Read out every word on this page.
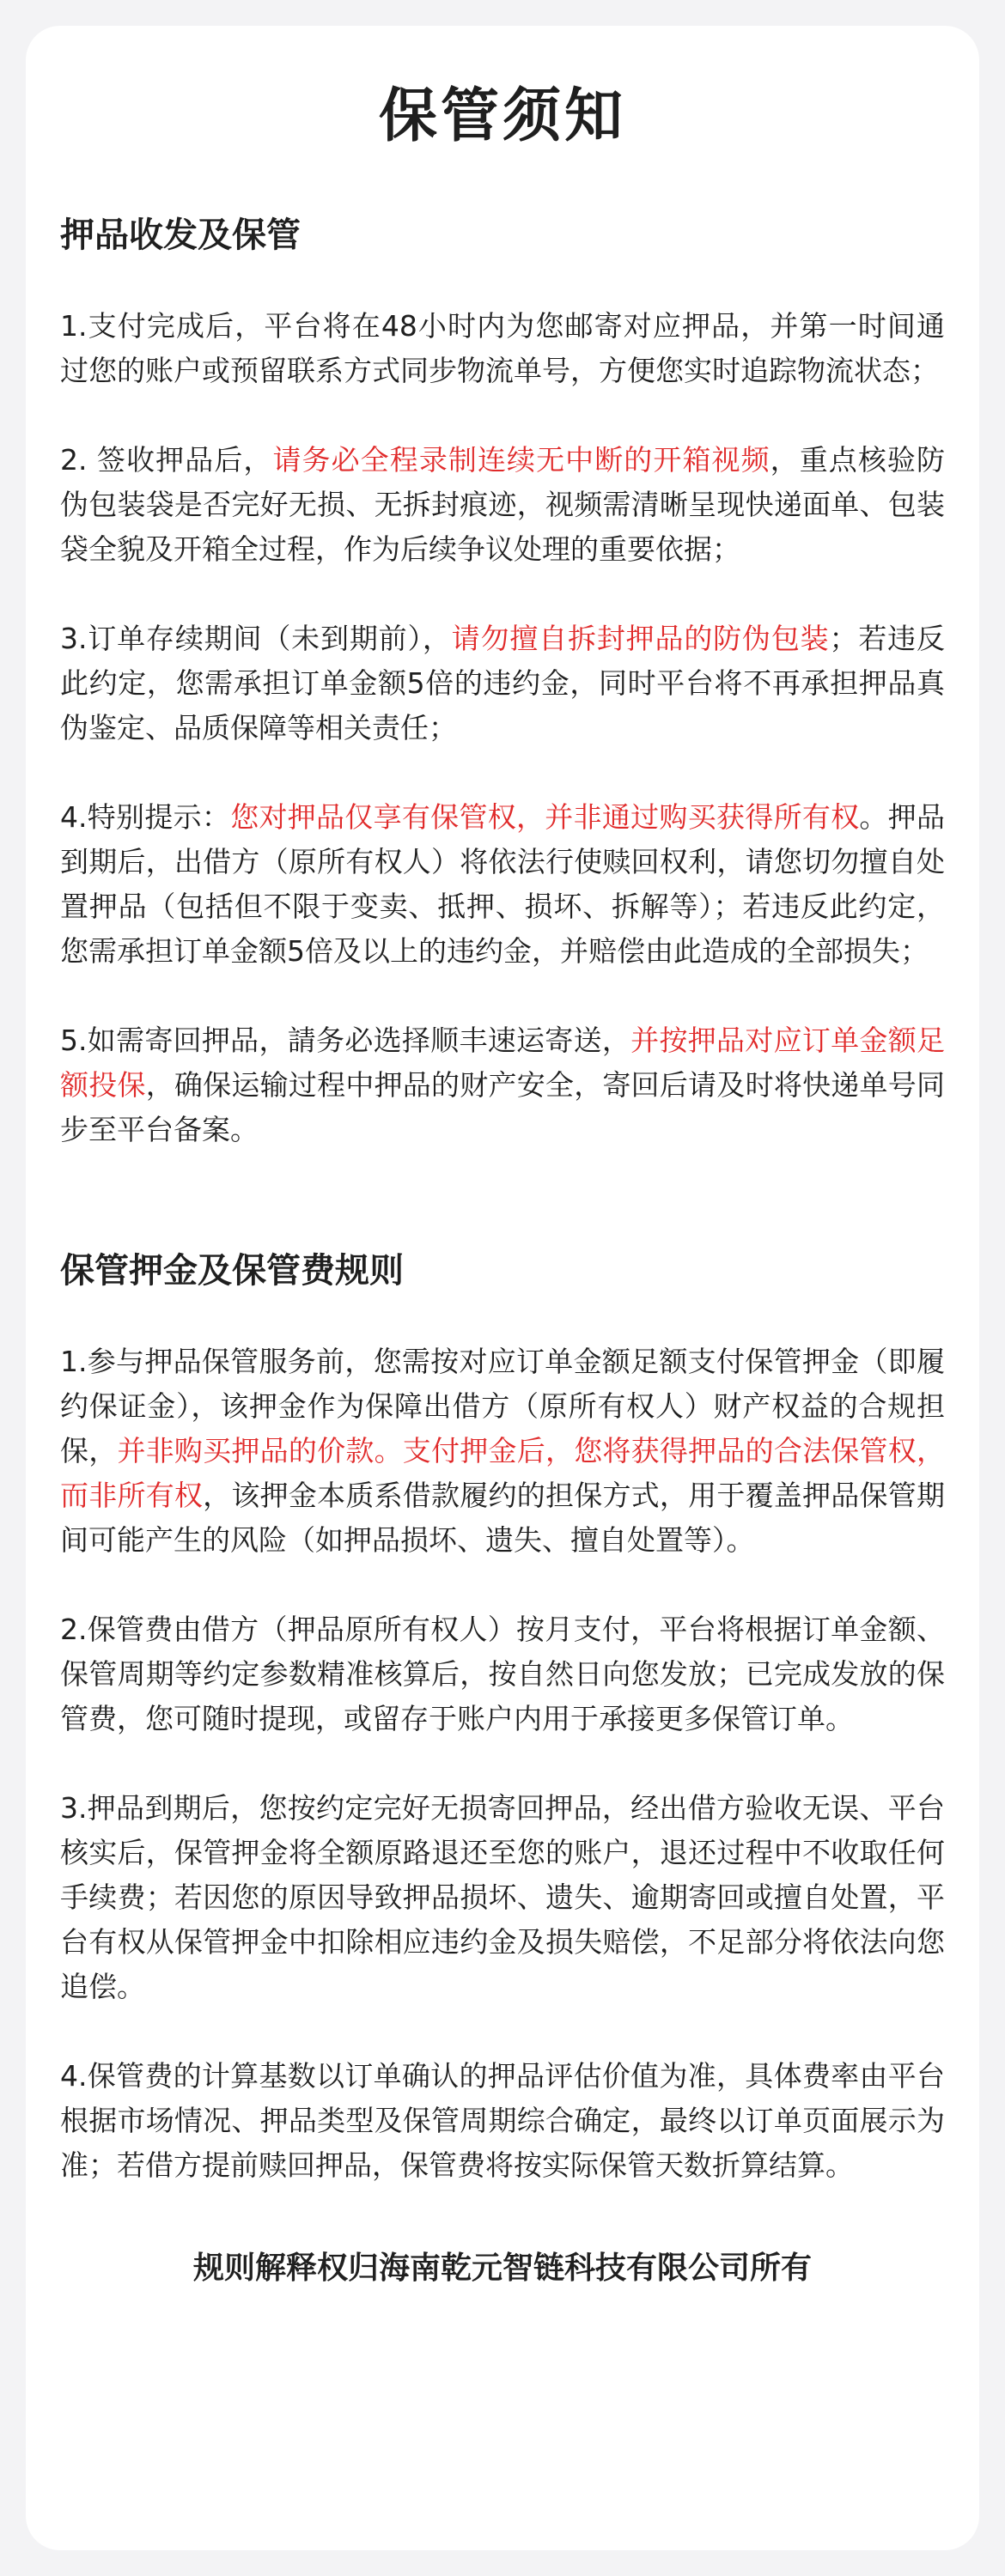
保管须知
押品收发及保管
1.支付完成后，平台将在48小时内为您邮寄对应押品，并第一时间通过您的账户或预留联系方式同步物流单号，方便您实时追踪物流状态；
2. 签收押品后，请务必全程录制连续无中断的开箱视频，重点核验防伪包装袋是否完好无损、无拆封痕迹，视频需清晰呈现快递面单、包装袋全貌及开箱全过程，作为后续争议处理的重要依据；
3.订单存续期间（未到期前），请勿擅自拆封押品的防伪包装；若违反此约定，您需承担订单金额5倍的违约金，同时平台将不再承担押品真伪鉴定、品质保障等相关责任；
4.特别提示：您对押品仅享有保管权，并非通过购买获得所有权。押品到期后，出借方（原所有权人）将依法行使赎回权利，请您切勿擅自处置押品（包括但不限于变卖、抵押、损坏、拆解等）；若违反此约定，您需承担订单金额5倍及以上的违约金，并赔偿由此造成的全部损失；
5.如需寄回押品，請务必选择顺丰速运寄送，并按押品对应订单金额足额投保，确保运输过程中押品的财产安全，寄回后请及时将快递单号同步至平台备案。
保管押金及保管费规则
1.参与押品保管服务前，您需按对应订单金额足额支付保管押金（即履约保证金），该押金作为保障出借方（原所有权人）财产权益的合规担保，并非购买押品的价款。支付押金后，您将获得押品的合法保管权，而非所有权，该押金本质系借款履约的担保方式，用于覆盖押品保管期间可能产生的风险（如押品损坏、遗失、擅自处置等）。
2.保管费由借方（押品原所有权人）按月支付，平台将根据订单金额、保管周期等约定参数精准核算后，按自然日向您发放；已完成发放的保管费，您可随时提现，或留存于账户内用于承接更多保管订单。
3.押品到期后，您按约定完好无损寄回押品，经出借方验收无误、平台核实后，保管押金将全额原路退还至您的账户，退还过程中不收取任何手续费；若因您的原因导致押品损坏、遗失、逾期寄回或擅自处置，平台有权从保管押金中扣除相应违约金及损失赔偿，不足部分将依法向您追偿。
4.保管费的计算基数以订单确认的押品评估价值为准，具体费率由平台根据市场情况、押品类型及保管周期综合确定，最终以订单页面展示为准；若借方提前赎回押品，保管费将按实际保管天数折算结算。
规则解释权归海南乾元智链科技有限公司所有
